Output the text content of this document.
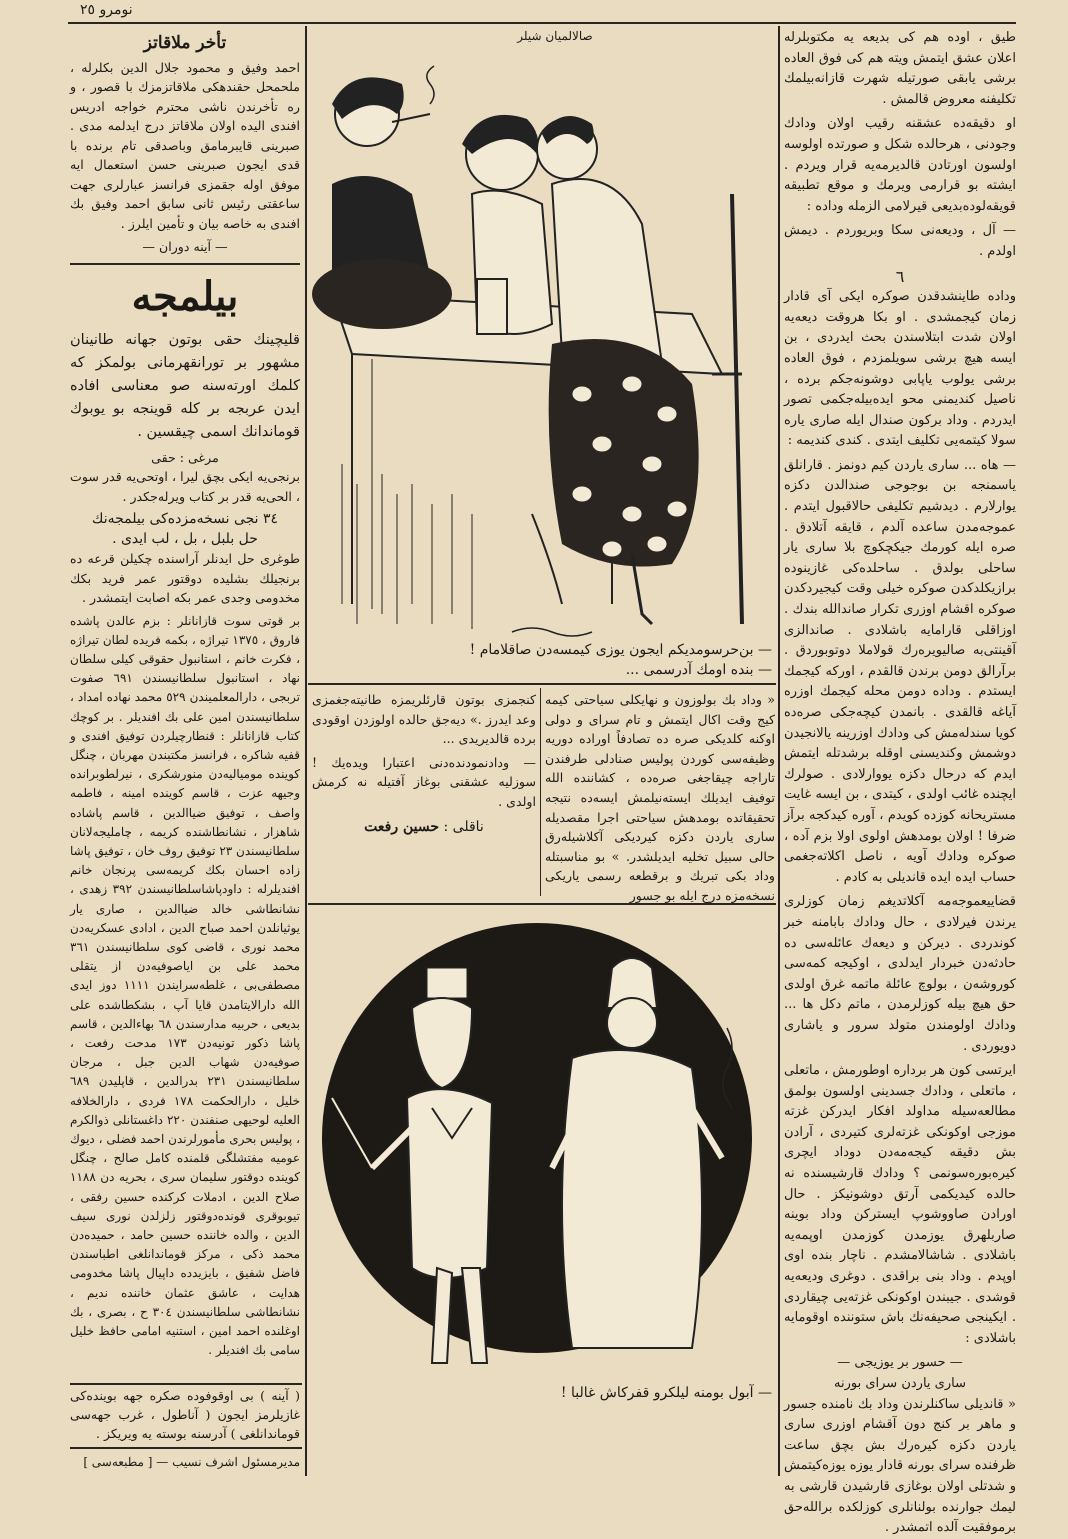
نومرو ۲٥
تأخر ملاقاتز

احمد وفیق و محمود جلال الدین بکلرله ، ملحمحل حقندهکی ملاقاتزمزك با قصور ، و ره تأخرندن ناشی محترم خواجه ادریس افندی الیده اولان ملاقاتز درج ایدلمه مدی . صبرینی قایبرمامق وباصدقی تام برنده با قدی ایجون صبرینی حسن استعمال ایه موفق اوله جقمزی فرانسز عبارلری جهت ساعقتی رئیس ثانی سابق احمد وفیق بك افندی به خاصه بیان و تأمین ایلرز .

— آینه دوران —
بیلمجه

قلیچینك حقی بوتون جهانه طانینان مشهور بر تورانقهرمانی بولمکز که کلمك اورته‌سنه صو معناسی افاده ایدن عربجه بر کله قوینجه بو یوبوك قوماندانك اسمی چیقسین .

مرغی : حقی

برنجی‌یه ایکی بچق لیرا ، اوتحی‌یه قدر سوت ، الحی‌یه قدر بر کتاب ویرله‌جکدر .

٣٤ نجی نسخه‌مزده‌کی بیلمجه‌نك
حل بلبل ، بل ، لب ایدی .

طوغری حل ایدنلر آراسنده چکیلن قرعه ده برنجیلك بشلیده دوقتور عمر فرید بکك مخدومی وجدی عمر بکه اصابت ایتمشدر .

بر قوتی سوت قازانانلر : بزم عالدن پاشده فاروق ، ١٣٧٥ تیراژه ، بکمه فریده لطان تیراژه ، فکرت خانم ، استانبول حقوقی کیلی سلطان نهاد ، استانبول سلطانیسندن ٦٩١ صفوت تربجی ، دارالمعلمیندن ٥٢٩ محمد نهاده امداد ، سلطانیسندن امین علی بك افندیلر . بر کوچك کتاب قازانانلر : قنطارچیلردن توفیق افندی و قفیه شاکره ، فرانسز مکتبندن مهربان ، چنگل کوینده مومیالیه‌دن منورشکری ، نیرلطوبرانده وجیهه عزت ، قاسم کوینده امینه ، فاطمه واصف ، توفیق ضیاالدین ، قاسم پاشاده شاهزار ، نشانطاشنده کریمه ، چاملیجه‌لانان سلطانیسندن ٢٣ توفیق روف خان ، توفیق پاشا زاده احسان بکك کریمه‌سی پرنجان خانم افندیلرله : داودپاشاسلطانیسندن ٣٩٢ زهدی ، نشانطاشی خالد ضیاالدین ، صاری یار یوثیانلدن احمد صباح الدین ، ادادی عسکریه‌دن محمد نوری ، قاضی کوی سلطانیسندن ٣٦١ محمد علی بن ایاصوفیه‌دن از یتقلی مصطفی‌بی ، غلطه‌سرایندن ١١١١ دوز ایدی الله دارالایتامدن قایا آپ ، بشکطاشده علی بدیعی ، حربیه مدارسندن ٦٨ بهاءالدین ، قاسم پاشا ذکور تونیه‌دن ١٧٣ مدحت رفعت ، صوفیه‌دن شهاب الدین جبل ، مرجان سلطانیسندن ٢٣١ بدرالدین ، قاپلیدن ٦٨٩ خلیل ، دارالحکمت ١٧٨ فردی ، دارالخلافه العلیه لوحیهی صنفندن ٢٢٠ داغستانلی ذوالکرم ، پولیس بحری مأمورلرندن احمد فضلی ، دیوك عومیه مفتشلگی قلمنده کامل صالح ، چنگل کوینده دوقتور سلیمان سری ، بحریه دن ١١٨٨ صلاح الدین ، ادملات کرکنده حسین رفقی ، تیوبوقری قونده‌دوقتور زلزلدن نوری سیف الدین ، والده خاننده حسین حامد ، حمیده‌دن محمد ذکی ، مرکز قوماندانلغی اطباسندن فاضل شفیق ، بایزیدده داپیال پاشا مخدومی هدایت ، عاشق عثمان خاننده ندیم ، نشانطاشی سلطانیسندن ٣٠٤ ح ، بصری ، بك اوغلنده احمد امین ، استنیه امامی حافظ خلیل سامی بك افندیلر .

( آینه ) بی اوقوفوده صکره جهه بوینده‌کی غازیلرمز ایجون ( آناطول ، غرب جهه‌سی قوماندانلغی ) آدرسنه بوسته یه ویریکز .
مدیرمسئول اشرف نسیب — [ مطبعه‌سی ]
صالالمیان شیلر
— بن‌حرسومدیکم ایجون یوزی کیمسه‌دن صاقلامام !
— بنده اومك آدرسمی ...
« وداد بك بولوزون و نهایکلی سیاحتی کیمه کیج وقت اکال ایتمش و تام سرای و دولی اوکنه کلدیکی صره ده تصادفاً اوراده دوریه وظیفه‌سی کوردن پولیس صنادلی طرفندن تاراجه چیقاجغی صره‌ده ، کشاننده الله توفیف ایدیلك ایسته‌نیلمش ایسه‌ده نتیجه تحقیقاتده بومدهش سیاحتی اجرا مقصدیله ساری یاردن دکزه کیردیکی آکلاشیله‌رق حالی سبیل تخلیه ایدیلشدر. » بو مناسبتله وداد بکی تبریك و برقطعه رسمی یاریکی نسخه‌مزه درج ایله بو جسور

کنجمزی بوتون قارئلریمزه طانیته‌جغمزی وعد ایدرز .» دیه‌جق حالده اولوزدن اوقودی برده قالدیریدی ...

— ودادنمودنده‌دنی اعتبارا ویده‌یك ! سوزلیه عشقنی بوغاز آفتیله نه کرمش اولدی .

ناقلی : حسین رفعت
— آبول بومنه لیلکرو قفرکاش غالبا !

طیق ، اوده هم کی بدیعه یه مکتوبلرله اعلان عشق ایتمش ویته هم کی فوق العاده برشی یابقی صورتیله شهرت قازانه‌بیلمك تکلیفنه معروض قالمش .

او دقیقه‌ده عشقنه رقیب اولان ودادك وجودنی ، هرحالده شکل و صورتده اولوسه اولسون اورتادن قالدیرمه‌یه قرار ویردم . ایشته بو قرارمی ویرمك و موقع تطبیقه قویقه‌لوده‌بدیعی قیرلامی الزمله وداده :

— آل ، ودیعه‌نی سکا وبریوردم . دیمش اولدم .

٦

وداده طاینشدقدن صوکره ایکی آی قادار زمان کیجمشدی . او بکا هروقت دیعه‌یه اولان شدت ابتلاسندن بحث ایدردی ، بن ایسه هیچ برشی سویلمزدم ، فوق العاده برشی یولوب یاپابی دوشونه‌جکم برده ، ناصیل کندیمنی محو ایده‌بیله‌جکمی تصور ایدردم . وداد برکون صندال ایله صاری یاره سولا کیتمه‌یی تکلیف ایتدی . کندی کندیمه :

— هاه ... ساری یاردن کیم دونمز . قارانلق یاسمنجه بن بوجوجی صندالدن دکزه یوارلارم . دیدشیم تکلیفی حالاقبول ایتدم . عموجه‌مدن ساعده آلدم ، قایقه آتلادق . صره ایله کورمك جیکچکوچ بلا ساری یار ساحلی بولدق . ساحلده‌کی غازینوده برازیکلدکدن صوکره خیلی وقت کیجیردکدن صوکره اقشام اوزری تکرار صاندالله بندك . اوزاقلی قارامایه باشلادی . صاندالزی آقینتی‌به صالیویره‌رك قولاملا دوتوبوردق . برآرالق دومن برندن قالقدم ، اورکه کیجمك ایستدم . وداده دومن محله کیجمك اوزره آیاغه قالقدی . بانمدن کیچه‌جکی صره‌ده کویا سندله‌مش کی ودادك اوزرینه یالانجیدن دوشمش وکندیسنی اوقله برشدتله ایتمش ایدم که درحال دکزه یووارلادی . صولرك ایچنده غائب اولدی ، کیتدی ، بن ایسه غایت مستریحانه کوزده کویدم ، آوره کیدکجه برآز ضرفا ! اولان بومدهش اولوی اولا بزم آده ، صوکره ودادك آویه ، ناصل اکلاته‌جغمی حساب ایده ایده قاندیلی به کادم .

قضاییعموجه‌مه آکلاتدیغم زمان کوزلری یرندن فیرلادی ، حال ودادك بابامنه خبر کوندردی . دیرکن و دیعه‌ك عائله‌سی ده حادثه‌دن خبردار ایدلدی ، اوکیجه کمه‌سی کوروشه‌ن ، بولوچ عائلة ماتمه غرق اولدی حق هیچ بیله کوزلرمدن ، ماتم دکل ها ... ودادك اولومندن متولد سرور و یاشاری دویوردی .

ایرتسی کون هر برداره اوطورمش ، ماتعلی ، ماتعلی ، ودادك جسدینی اولسون بولمق مطالعه‌سیله مداولد افکار ایدرکن غزته موزجی اوکونکی غزته‌لری کتیردی ، آرادن بش دقیقه کیجه‌مه‌دن دوداد ایچری کیره‌بوره‌سونمی ؟ ودادك قارشیسنده نه حالده کیدیکمی آرتق دوشونیکز . حال اورادن صاووشوپ ایسترکن وداد بوینه صاربلهرق یوزمدن کوزمدن اوپمه‌یه باشلادی . شاشالامشدم . ناچار بنده اوی اوپدم . وداد بنی براقدی . دوغری ودیعه‌یه قوشدی . جیبندن اوکونکی غزته‌یی چیقاردی . ایکینجی صحیفه‌نك باش ستوننده اوقومایه باشلادی :

— حسور بر یوزیجی —
ساری یاردن سرای بورنه

« قاندیلی ساکنلرندن وداد بك نامنده جسور و ماهر بر کنج دون آقشام اوزری ساری یاردن دکزه کیره‌رك بش بچق ساعت ظرفنده سرای بورنه قادار یوزه یوزه‌کیتمش و شدتلی اولان بوغازی قارشیدن قارشی به لیمك جوارنده بولنانلری کوزلکده برالله‌حق برموفقیت آلده اتمشدر .
